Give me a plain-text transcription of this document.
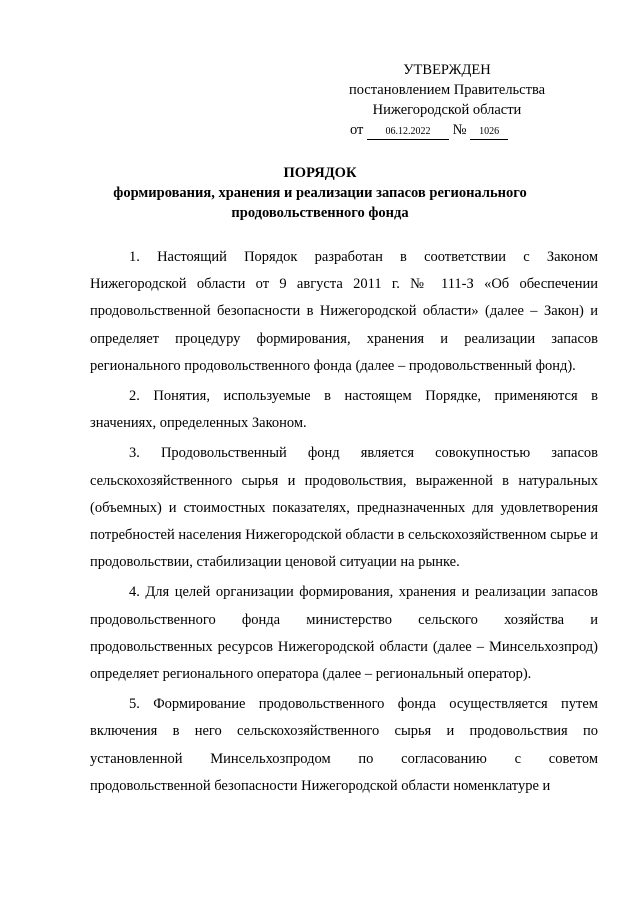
УТВЕРЖДЕН
постановлением Правительства
Нижегородской области
от 06.12.2022 № 1026
ПОРЯДОК
формирования, хранения и реализации запасов регионального
продовольственного фонда

1. Настоящий Порядок разработан в соответствии с Законом Нижегородской области от 9 августа 2011 г. № 111-З «Об обеспечении продовольственной безопасности в Нижегородской области» (далее – Закон) и определяет процедуру формирования, хранения и реализации запасов регионального продовольственного фонда (далее – продовольственный фонд).

2. Понятия, используемые в настоящем Порядке, применяются в значениях, определенных Законом.

3. Продовольственный фонд является совокупностью запасов сельскохозяйственного сырья и продовольствия, выраженной в натуральных (объемных) и стоимостных показателях, предназначенных для удовлетворения потребностей населения Нижегородской области в сельскохозяйственном сырье и продовольствии, стабилизации ценовой ситуации на рынке.

4. Для целей организации формирования, хранения и реализации запасов продовольственного фонда министерство сельского хозяйства и продовольственных ресурсов Нижегородской области (далее – Минсельхозпрод) определяет регионального оператора (далее – региональный оператор).

5. Формирование продовольственного фонда осуществляется путем включения в него сельскохозяйственного сырья и продовольствия по установленной Минсельхозпродом по согласованию с советом продовольственной безопасности Нижегородской области номенклатуре и
